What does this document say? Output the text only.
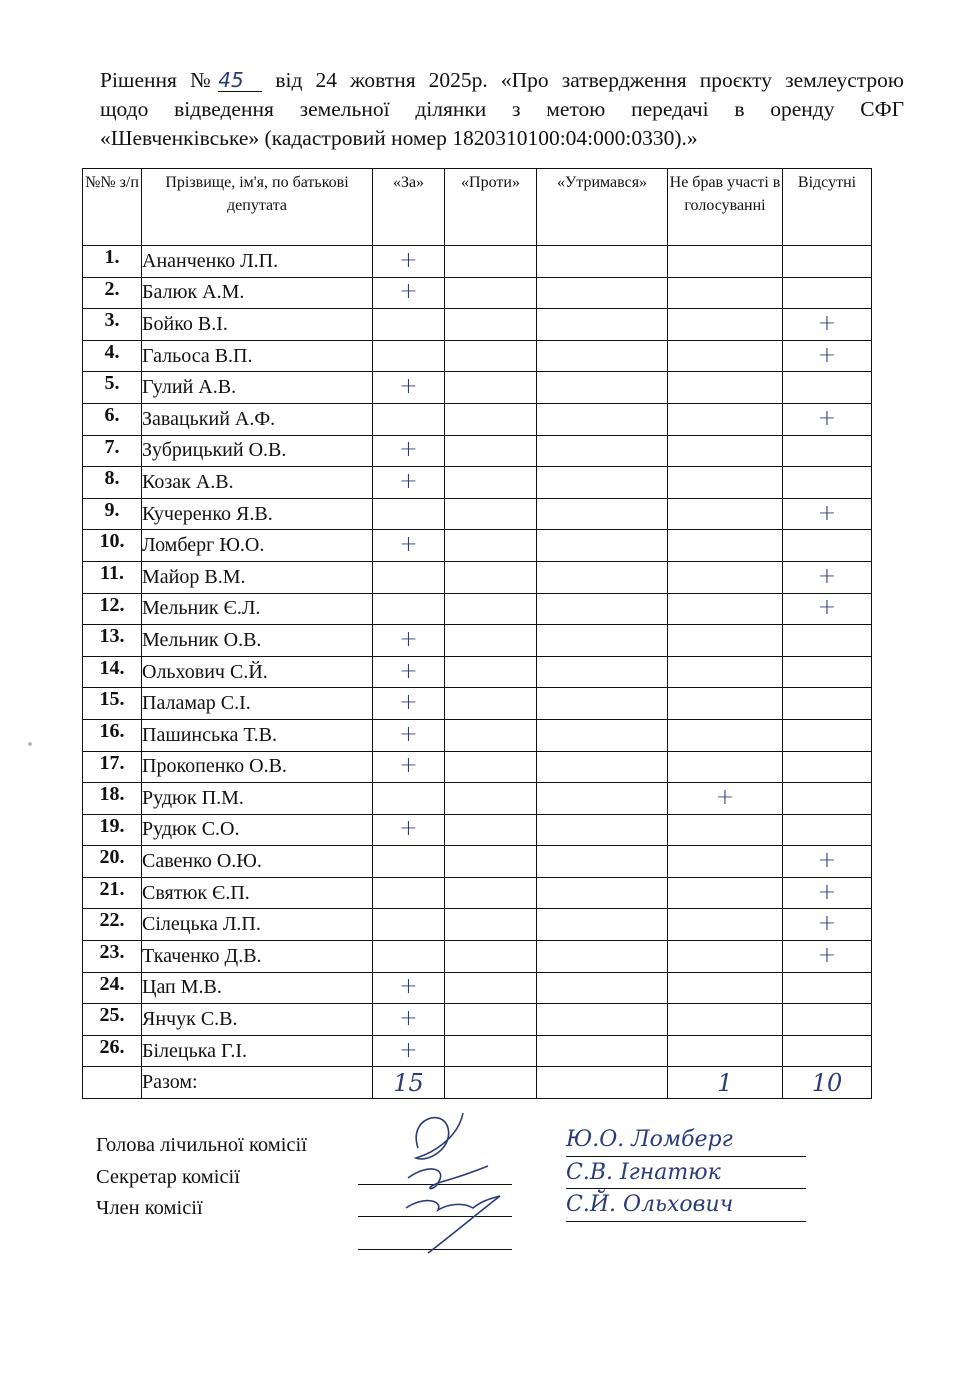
Рішення №45 від 24 жовтня 2025р. «Про затвердження проєкту землеустрою
щодо відведення земельної ділянки з метою передачі в оренду СФГ
«Шевченківське» (кадастровий номер 1820310100:04:000:0330).»
№№ з/п	Прізвище, ім'я, по батькові депутата	«За»	«Проти»	«Утримався»	Не брав участі в голосуванні	Відсутні
1.	Ананченко Л.П.	+				
2.	Балюк А.М.	+				
3.	Бойко В.І.					+
4.	Гальоса В.П.					+
5.	Гулий А.В.	+				
6.	Завацький А.Ф.					+
7.	Зубрицький О.В.	+				
8.	Козак А.В.	+				
9.	Кучеренко Я.В.					+
10.	Ломберг Ю.О.	+				
11.	Майор В.М.					+
12.	Мельник Є.Л.					+
13.	Мельник О.В.	+				
14.	Ольхович С.Й.	+				
15.	Паламар С.І.	+				
16.	Пашинська Т.В.	+				
17.	Прокопенко О.В.	+				
18.	Рудюк П.М.				+	
19.	Рудюк С.О.	+				
20.	Савенко О.Ю.					+
21.	Святюк Є.П.					+
22.	Сілецька Л.П.					+
23.	Ткаченко Д.В.					+
24.	Цап М.В.	+				
25.	Янчук С.В.	+				
26.	Білецька Г.І.	+				
	Разом:	15			1	10
Голова лічильної комісії
Секретар комісії
Член комісії
Ю.О. Ломберг
С.В. Ігнатюк
С.Й. Ольхович
